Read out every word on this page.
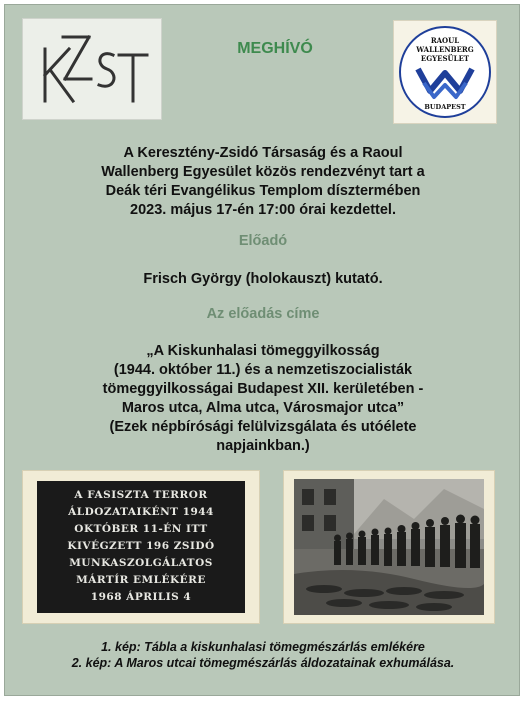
MEGHÍVÓ	RAOUL
WALLENBERG
EGYESÜLET
BUDAPEST
A Keresztény-Zsidó Társaság és a Raoul
Wallenberg Egyesület közös rendezvényt tart a
Deák téri Evangélikus Templom dísztermében
2023. május 17-én 17:00 órai kezdettel.
Előadó
Frisch György (holokauszt) kutató.
Az előadás címe
„A Kiskunhalasi tömeggyilkosság
(1944. október 11.) és a nemzetiszocialisták
tömeggyilkosságai Budapest XII. kerületében -
Maros utca, Alma utca, Városmajor utca”
(Ezek népbírósági felülvizsgálata és utóélete
napjainkban.)
A FASISZTA TERROR
ÁLDOZATAIKÉNT 1944
OKTÓBER 11-ÉN ITT
KIVÉGZETT 196 ZSIDÓ
MUNKASZOLGÁLATOS
MÁRTÍR EMLÉKÉRE
1968 ÁPRILIS 4
1. kép: Tábla a kiskunhalasi tömegmészárlás emlékére
2. kép: A Maros utcai tömegmészárlás áldozatainak exhumálása.
